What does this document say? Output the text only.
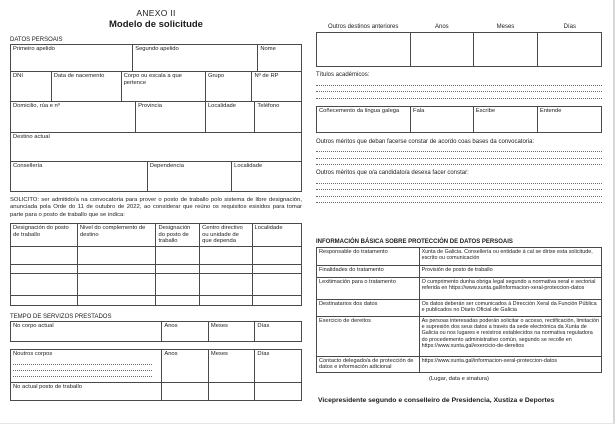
ANEXO II
Modelo de solicitude
DATOS PERSOAIS
Primeiro apelido	Segundo apelido	Nome
DNI	Data de nacemento	Corpo ou escala a que pertence	Grupo	Nº de RP
Domicilio, rúa e nº	Provincia	Localidade	Teléfono
Destino actual
Consellería	Dependencia	Localidade

SOLICITO: ser admitido/a na convocatoria para prover o posto de traballo polo sistema de libre designación, anunciada pola Orde do 11 de outubro de 2022, ao considerar que reúno os requisitos esixidos para tomar parte para o posto de traballo que se indica:

Designación do posto de traballo	Nivel do complemento de destino	Designación do posto de traballo	Centro directivo ou unidade de que dependa	Localidade

TEMPO DE SERVIZOS PRESTADOS
No corpo actual	Anos	Meses	Días
Noutros corpos	Anos	Meses	Días
No actual posto de traballo			
Outros destinos anteriores	Anos	Meses	Días

Títulos académicos:
Coñecemento da lingua galega	Fala	Escribe	Entende
Outros méritos que deban facerse constar de acordo coas bases da convocatoria:
Outros méritos que o/a candidato/a desexa facer constar:
INFORMACIÓN BÁSICA SOBRE PROTECCIÓN DE DATOS PERSOAIS
Responsable do tratamento	Xunta de Galicia. Consellería ou entidade á cal se dirixe esta solicitude, escrito ou comunicación
Finalidades do tratamento	Provisión de posto de traballo
Lexitimación para o tratamento	O cumprimento dunha obriga legal segundo a normativa xeral e sectorial referida en https://www.xunta.gal/informacion-xeral-proteccion-datos
Destinatarios dos datos	Os datos deberán ser comunicados á Dirección Xeral da Función Pública e publicados no Diario Oficial de Galicia
Exercicio de dereitos	As persoas interesadas poderán solicitar o acceso, rectificación, limitación e supresión dos seus datos a través da sede electrónica da Xunta de Galicia ou nos lugares e rexistros establecidos na normativa reguladora do procedemento administrativo común, segundo se recolle en https://www.xunta.gal/exercicio-de-dereitos
Contacto delegado/a de protección de datos e información adicional	https://www.xunta.gal/informacion-xeral-proteccion-datos
(Lugar, data e sinatura)
Vicepresidente segundo e conselleiro de Presidencia, Xustiza e Deportes
